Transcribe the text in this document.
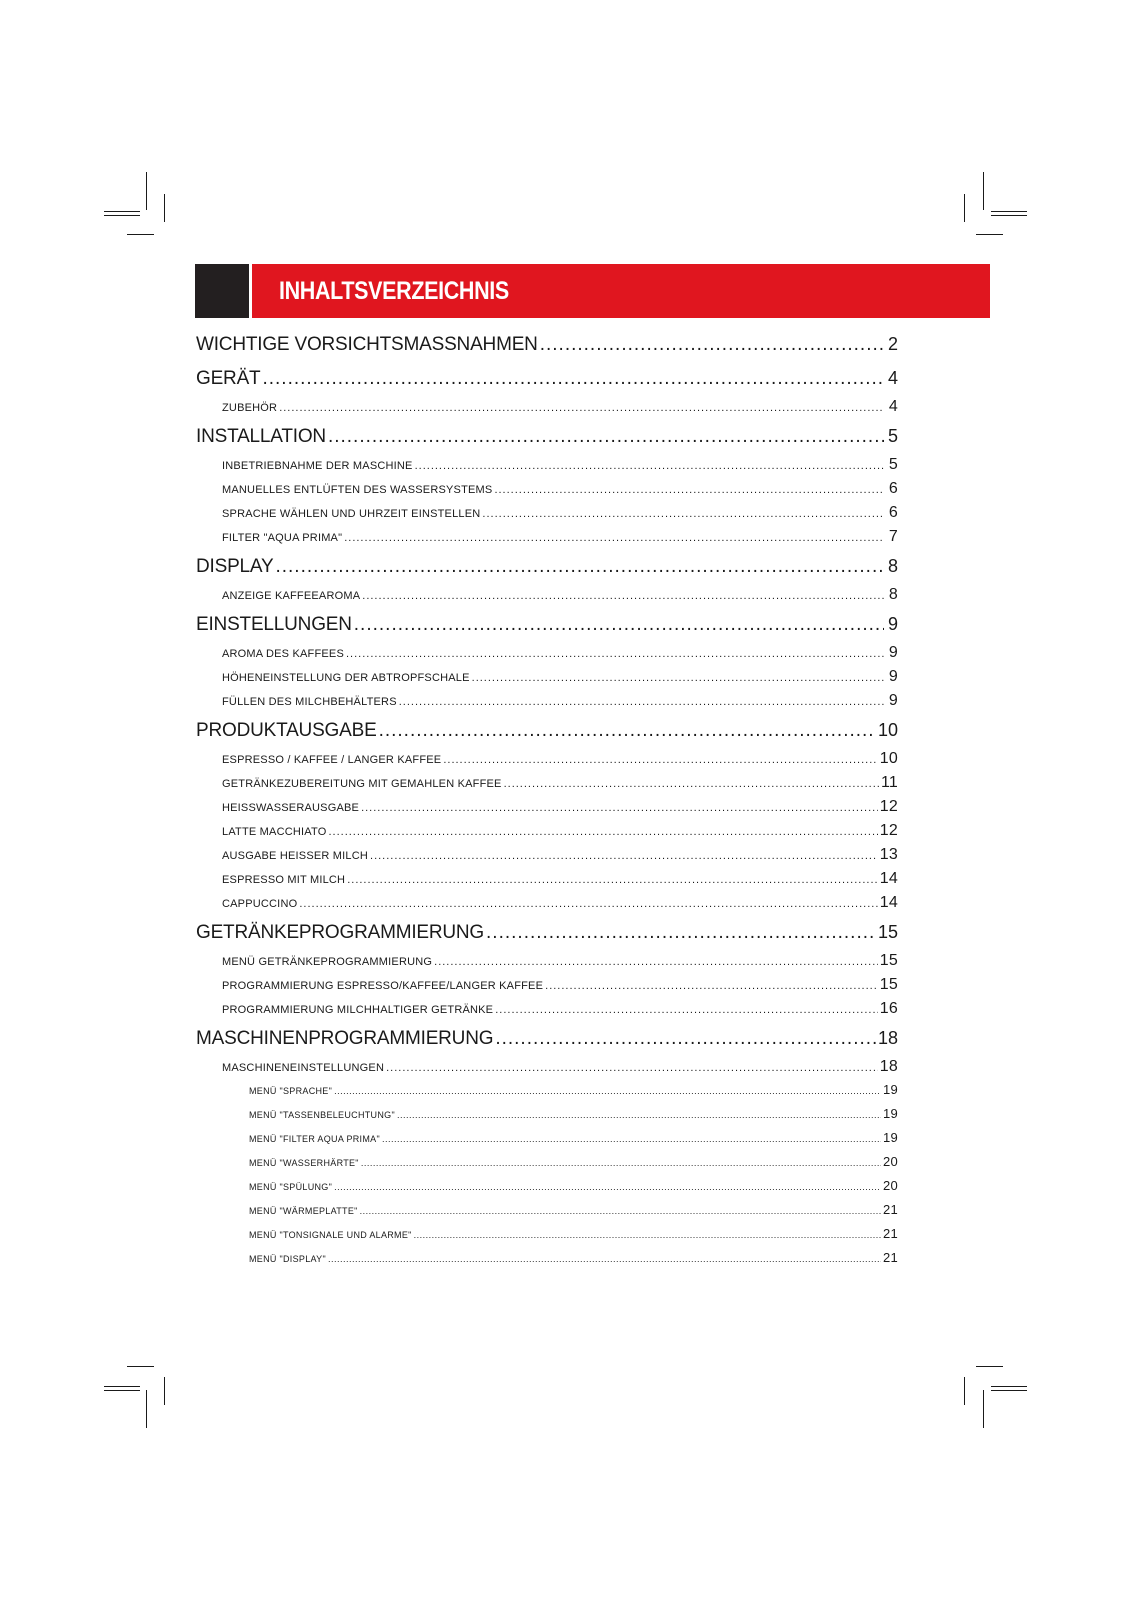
INHALTSVERZEICHNIS
WICHTIGE VORSICHTSMASSNAHMEN .....	2
GERÄT .....	4
ZUBEHÖR .....	4
INSTALLATION .....	5
INBETRIEBNAHME DER MASCHINE .....	5
MANUELLES ENTLÜFTEN DES WASSERSYSTEMS .....	6
SPRACHE WÄHLEN UND UHRZEIT EINSTELLEN .....	6
FILTER "AQUA PRIMA" .....	7
DISPLAY .....	8
ANZEIGE KAFFEEAROMA .....	8
EINSTELLUNGEN .....	9
AROMA DES KAFFEES .....	9
HÖHENEINSTELLUNG DER ABTROPFSCHALE .....	9
FÜLLEN DES MILCHBEHÄLTERS .....	9
PRODUKTAUSGABE .....	10
ESPRESSO / KAFFEE / LANGER KAFFEE .....	10
GETRÄNKEZUBEREITUNG MIT GEMAHLEN KAFFEE .....	11
HEISSWASSERAUSGABE .....	12
LATTE MACCHIATO .....	12
AUSGABE HEISSER MILCH .....	13
ESPRESSO MIT MILCH .....	14
CAPPUCCINO .....	14
GETRÄNKEPROGRAMMIERUNG .....	15
MENÜ GETRÄNKEPROGRAMMIERUNG .....	15
PROGRAMMIERUNG ESPRESSO/KAFFEE/LANGER KAFFEE .....	15
PROGRAMMIERUNG MILCHHALTIGER GETRÄNKE .....	16
MASCHINENPROGRAMMIERUNG .....	18
MASCHINENEINSTELLUNGEN .....	18
MENÜ "SPRACHE" .....	19
MENÜ "TASSENBELEUCHTUNG" .....	19
MENÜ "FILTER AQUA PRIMA" .....	19
MENÜ "WASSERHÄRTE" .....	20
MENÜ "SPÜLUNG" .....	20
MENÜ "WÄRMEPLATTE" .....	21
MENÜ "TONSIGNALE UND ALARME" .....	21
MENÜ "DISPLAY" .....	21
